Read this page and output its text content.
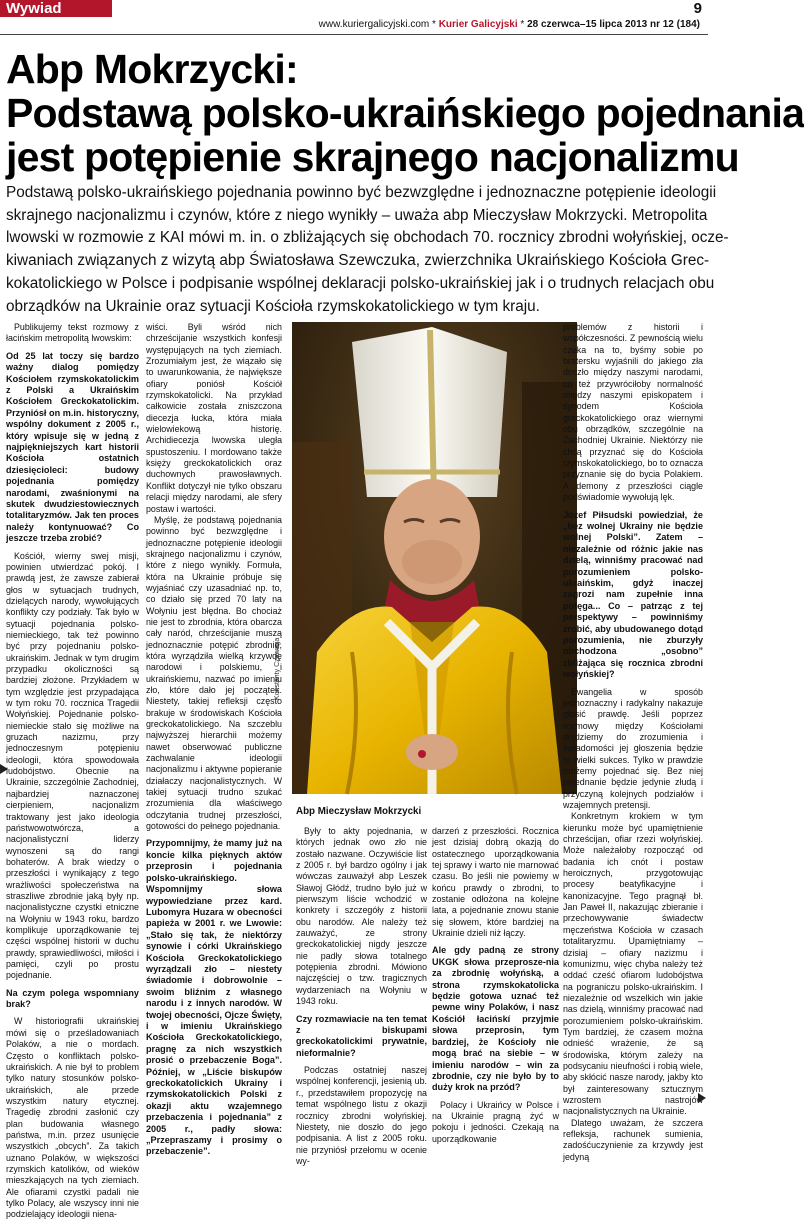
Wywiad	9
www.kuriergalicyjski.com * Kurier Galicyjski * 28 czerwca–15 lipca 2013 nr 12 (184)
Abp Mokrzycki:
Podstawą polsko-ukraińskiego pojednania
jest potępienie skrajnego nacjonalizmu
Podstawą polsko-ukraińskiego pojednania powinno być bezwzględne i jednoznaczne potępienie ideologii
skrajnego nacjonalizmu i czynów, które z niego wynikły – uważa abp Mieczysław Mokrzycki. Metropolita
lwowski w rozmowie z KAI mówi m. in. o zbliżających się obchodach 70. rocznicy zbrodni wołyńskiej, ocze-
kiwaniach związanych z wizytą abp Światosława Szewczuka, zwierzchnika Ukraińskiego Kościoła Grec-
kokatolickiego w Polsce i podpisanie wspólnej deklaracji polsko-ukraińskiej jak i o trudnych relacjach obu
obrządków na Ukrainie oraz sytuacji Kościoła rzymskokatolickiego w tym kraju.

Publikujemy tekst rozmowy z łacińskim metropolitą lwowskim:

Od 25 lat toczy się bardzo ważny dialog pomiędzy Kościołem rzymskokatolickim z Polski a Ukraińskim Kościołem Greckokatolickim. Przyniósł on m.in. historyczny, wspólny dokument z 2005 r., który wpisuje się w jedną z najpiękniejszych kart historii Kościoła ostatnich dziesięcioleci: budowy pojednania pomiędzy narodami, zwaśnionymi na skutek dwudziestowiecznych totalitaryzmów. Jak ten proces należy kontynuować? Co jeszcze trzeba zrobić?

Kościół, wierny swej misji, powinien utwierdzać pokój. I prawdą jest, że zawsze zabierał głos w sytuacjach trudnych, dzielących narody, wywołujących konflikty czy podziały. Tak było w sytuacji pojednania polsko-niemieckiego, tak też powinno być przy pojednaniu polsko-ukraińskim. Jednak w tym drugim przypadku okoliczności są bardziej złożone. Przykładem w tym względzie jest przypadająca w tym roku 70. rocznica Tragedii Wołyńskiej. Pojednanie polsko-niemieckie stało się możliwe na gruzach nazizmu, przy jednoczesnym potępieniu ideologii, która spowodowała ludobójstwo. Obecnie na Ukrainie, szczególnie Zachodniej, najbardziej naznaczonej cierpieniem, nacjonalizm traktowany jest jako ideologia państwowotwórcza, a nacjonalistyczní liderzy wynoszeni są do rangi bohaterów. A brak wiedzy o przeszłości i wynikający z tego wrażliwości społeczeństwa na straszliwe zbrodnie jaką były np. nacjonalistyczne czystki etniczne na Wołyniu w 1943 roku, bardzo komplikuje uporządkowanie tej części wspólnej historii w duchu prawdy, sprawiedliwości, miłości i pamięci, czyli po prostu pojednanie.

Na czym polega wspomniany brak?

W historiografii ukraińskiej mówi się o prześladowaniach Polaków, a nie o mordach. Często o konfliktach polsko-ukraińskich. A nie był to problem tylko natury stosunków polsko-ukraińskich, ale przede wszystkim natury etycznej. Tragedię zbrodni zasłonić czy plan budowania własnego państwa, m.in. przez usunięcie wszystkich „obcych”. Za takich uznano Polaków, w większości rzymskich katolików, od wieków mieszkających na tych ziemiach. Ale ofiarami czystki padali nie tylko Polacy, ale wszyscy inni nie podzielający ideologii niena-

wiści. Byli wśród nich chrześcijanie wszystkich konfesji występujących na tych ziemiach. Zrozumiałym jest, że wiązało się to uwarunkowania, że największe ofiary poniósł Kościół rzymskokatolicki. Na przykład całkowicie została zniszczona diecezja łucka, która miała wielowiekową historię. Archidiecezja lwowska uległa spustoszeniu. I mordowano także księży greckokatolickich oraz duchownych prawosławnych. Konflikt dotyczył nie tylko obszaru relacji między narodami, ale sfery postaw i wartości.

Myślę, że podstawą pojednania powinno być bezwzględne i jednoznaczne potępienie ideologii skrajnego nacjonalizmu i czynów, które z niego wynikły. Formuła, która na Ukrainie próbuje się wyjaśniać czy uzasadniać np. to, co działo się przed 70 laty na Wołyniu jest błędna. Bo chociaż nie jest to zbrodnia, która obarcza cały naród, chrześcijanie muszą jednoznacznie potępić zbrodnię, która wyrządziła wielką krzywdę narodowi i polskiemu, i ukraińskiemu, nazwać po imieniu zło, które dało jej początek. Niestety, takiej refleksji często brakuje w środowiskach Kościoła greckokatolickiego. Na szczeblu najwyższej hierarchii możemy nawet obserwować publiczne zachwalanie ideologii nacjonalizmu i aktywne popieranie działaczy nacjonalistycznych. W takiej sytuacji trudno szukać zrozumienia dla właściwego odczytania trudnej przeszłości, gotowości do pełnego pojednania.

Przypomnijmy, że mamy już na koncie kilka pięknych aktów przeprosin i pojednania polsko-ukraińskiego. Wspomnijmy słowa wypowiedziane przez kard. Lubomyra Huzara w obecności papieża w 2001 r. we Lwowie: „Stało się tak, że niektórzy synowie i córki Ukraińskiego Kościoła Greckokatolickiego wyrządzali zło – niestety świadomie i dobrowolnie – swoim bliźnim z własnego narodu i z innych narodów. W twojej obecności, Ojcze Święty, i w imieniu Ukraińskiego Kościoła Greckokatolickiego, pragnę za nich wszystkich prosić o przebaczenie Boga”. Później, w „Liście biskupów greckokatolickich Ukrainy i rzymskokatolickich Polski z okazji aktu wzajemnego przebaczenia i pojednania” z 2005 r., padły słowa: „Przepraszamy i prosimy o przebaczenie”.

Konstanty Czawaga
Abp Mieczysław Mokrzycki

Były to akty pojednania, w których jednak owo zło nie zostało nazwane. Oczywiście list z 2005 r. był bardzo ogólny i jak wówczas zauważył abp Leszek Sławoj Głódź, trudno było już w pierwszym liście wchodzić w konkrety i szczegóły z historii obu narodów. Ale należy też zauważyć, ze strony greckokatolickiej nigdy jeszcze nie padły słowa totalnego potępienia zbrodni. Mówiono najczęściej o tzw. tragicznych wydarzeniach na Wołyniu w 1943 roku.

Czy rozmawiacie na ten temat z biskupami greckokatolickimi prywatnie, nieformalnie?

Podczas ostatniej naszej wspólnej konferencji, jesienią ub. r., przedstawiłem propozycję na temat wspólnego listu z okazji rocznicy zbrodni wołyńskiej. Niestety, nie doszło do jego podpisania. A list z 2005 roku. nie przyniósł przełomu w ocenie wy-

darzeń z przeszłości. Rocznica jest dzisiaj dobrą okazją do ostatecznego uporządkowania tej sprawy i warto nie marnować czasu. Bo jeśli nie powiemy w końcu prawdy o zbrodni, to zostanie odłożona na kolejne lata, a pojednanie znowu stanie się słowem, które bardziej na Ukrainie dzieli niż łączy.

Ale gdy padną ze strony UKGK słowa przeprosze-nia za zbrodnię wołyńską, a strona rzymskokatolicka będzie gotowa uznać też pewne winy Polaków, i nasz Kościół łacińskí przyjmie słowa przeprosin, tym bardziej, że Kościoły nie mogą brać na siebie – w imieniu narodów – win za zbrodnie, czy nie było by to duży krok na przód?

Polacy i Ukraińcy w Polsce i na Ukrainie pragną żyć w pokoju i jedności. Czekają na uporządkowanie

problemów z historii i współczesności. Z pewnością wielu czeka na to, byśmy sobie po bratersku wyjaśnili do jakiego zła doszło między naszymi narodami, co też przywróciłoby normalność między naszymi episkopatem i synodem Kościoła greckokatolickiego oraz wiernymi obu obrządków, szczególnie na Zachodniej Ukrainie. Niektórzy nie chcą przyznać się do Kościoła rzymskokatolickiego, bo to oznacza przyznanie się do bycia Polakiem. A demony z przeszłości ciągle podświadomie wywołują lęk.

Józef Piłsudski powiedział, że „bez wolnej Ukrainy nie będzie wolnej Polski”. Zatem – niezależnie od różnic jakie nas dzielą, winniśmy pracować nad porozumieniem polsko-ukraińskim, gdyż inaczej zagrozi nam zupełnie inna potęga... Co – patrząc z tej perspektywy – powinniśmy zrobić, aby ubudowanego dotąd porozumienia, nie zburzyły obchodzona „osobno” zbliżająca się rocznica zbrodni wołyńskiej?

Ewangelia w sposób jednoznaczny i radykalny nakazuje głosić prawdę. Jeśli poprzez rozmowy między Kościołami dojdziemy do zrozumienia i świadomości jej głoszenia będzie to wielki sukces. Tylko w prawdzie możemy pojednać się. Bez niej pojednanie będzie jedynie złudą i przyczyną kolejnych podziałów i wzajemnych pretensji.

Konkretnym krokiem w tym kierunku może być upamiętnienie chrześcijan, ofiar rzezi wołyńskiej. Może należałoby rozpocząć od badania ich cnót i postaw heroicznych, przygotowując procesy beatyfikacyjne i kanonizacyjne. Tego pragnął bł. Jan Paweł II, nakazując zbieranie i przechowywanie świadectw męczeństwa Kościoła w czasach totalitaryzmu. Upamiętniamy – dzisiaj – ofiary nazizmu i komunizmu, więc chyba należy też oddać cześć ofiarom ludobójstwa na pograniczu polsko-ukraińskim. I niezależnie od wszelkich win jakie nas dzielą, winniśmy pracować nad porozumieniem polsko-ukraińskim. Tym bardziej, że czasem można odnieść wrażenie, że są środowiska, którym zależy na podsycaniu nieufności i robią wiele, aby skłócić nasze narody, jakby kto był zainteresowany sztucznym wzrostem nastrojów nacjonalistycznych na Ukrainie.

Dlatego uważam, że szczera refleksja, rachunek sumienia, zadośćuczynienie za krzywdy jest jedyną
